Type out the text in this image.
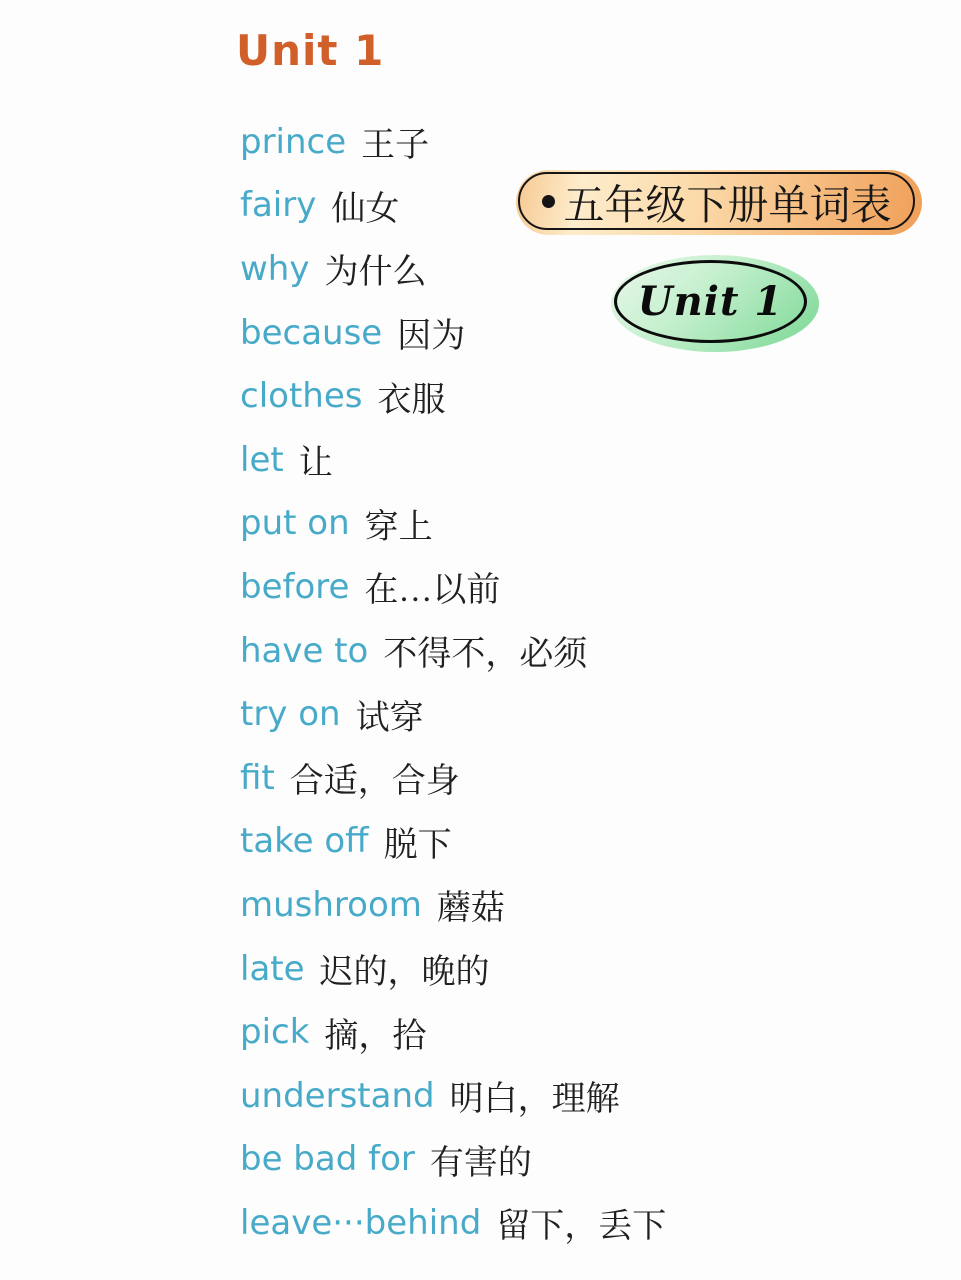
Unit 1
prince 王子
fairy 仙女
why 为什么
because 因为
clothes 衣服
let 让
put on 穿上
before 在…以前
have to 不得不，必须
try on 试穿
fit 合适，合身
take off 脱下
mushroom 蘑菇
late 迟的，晚的
pick 摘，拾
understand 明白，理解
be bad for 有害的
leave···behind 留下，丢下
五年级下册单词表
Unit 1
